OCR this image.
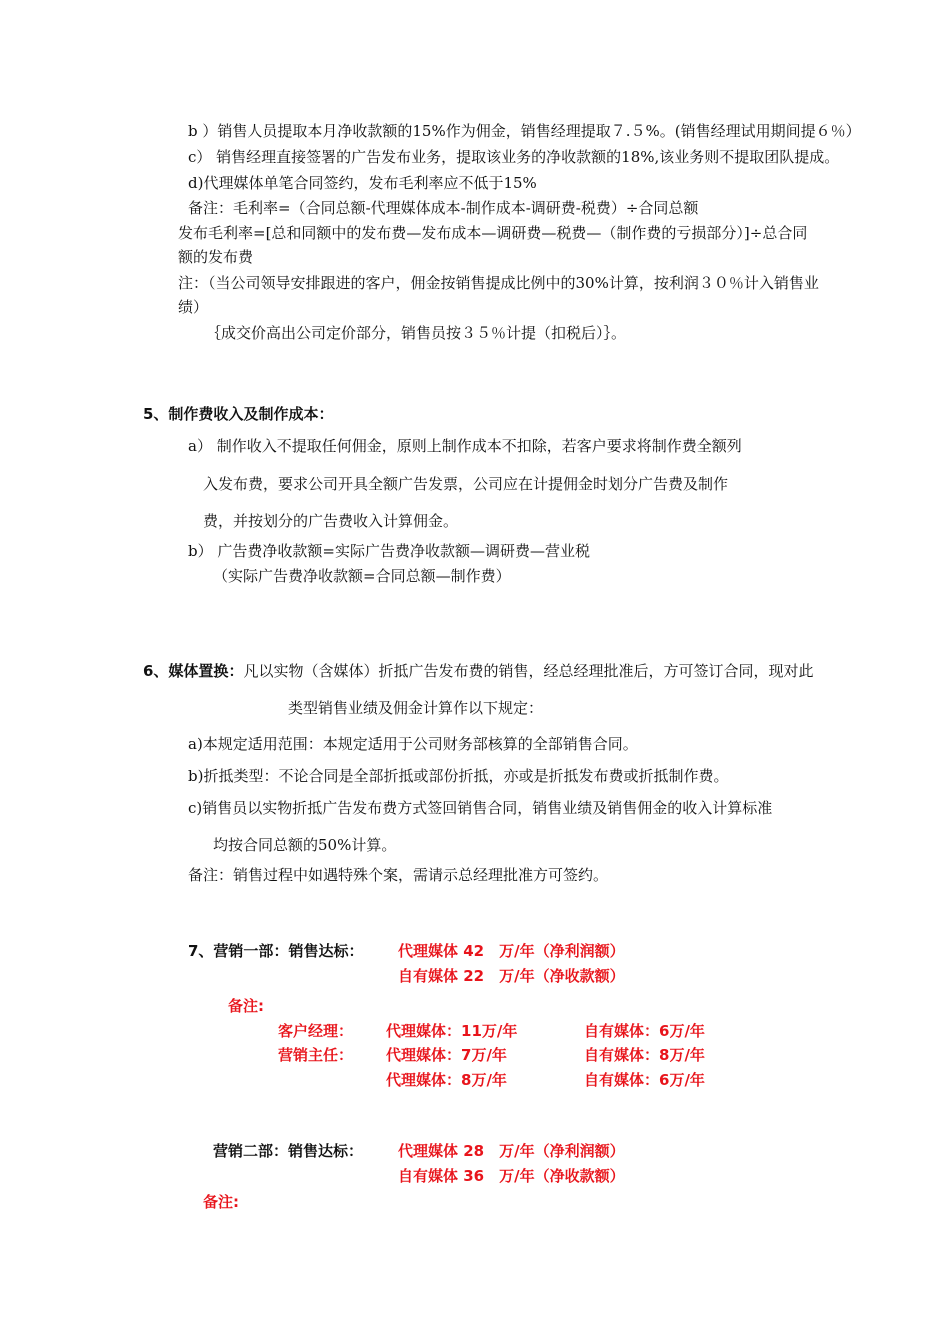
b ）销售人员提取本月净收款额的15%作为佣金，销售经理提取７.５%。(销售经理试用期间提６％）
c） 销售经理直接签署的广告发布业务，提取该业务的净收款额的18%,该业务则不提取团队提成。
d)代理媒体单笔合同签约，发布毛利率应不低于15%
备注：毛利率=（合同总额-代理媒体成本-制作成本-调研费-税费）÷合同总额
发布毛利率=[总和同额中的发布费—发布成本—调研费—税费—（制作费的亏损部分）]÷总合同
额的发布费
注：（当公司领导安排跟进的客户，佣金按销售提成比例中的30%计算，按利润３０％计入销售业
绩）
｛成交价高出公司定价部分，销售员按３５％计提（扣税后）｝。
5、制作费收入及制作成本：
a） 制作收入不提取任何佣金，原则上制作成本不扣除，若客户要求将制作费全额列
入发布费，要求公司开具全额广告发票，公司应在计提佣金时划分广告费及制作
费，并按划分的广告费收入计算佣金。
b） 广告费净收款额=实际广告费净收款额—调研费—营业税
（实际广告费净收款额=合同总额—制作费）
6、媒体置换：凡以实物（含媒体）折抵广告发布费的销售，经总经理批准后，方可签订合同，现对此
类型销售业绩及佣金计算作以下规定：
a)本规定适用范围：本规定适用于公司财务部核算的全部销售合同。
b)折抵类型：不论合同是全部折抵或部份折抵，亦或是折抵发布费或折抵制作费。
c)销售员以实物折抵广告发布费方式签回销售合同，销售业绩及销售佣金的收入计算标准
均按合同总额的50%计算。
备注：销售过程中如遇特殊个案，需请示总经理批准方可签约。
7、营销一部：销售达标： 代理媒体 42　万/年（净利润额）
自有媒体 22　万/年（净收款额）
备注:
客户经理： 代理媒体：11万/年	自有媒体：6万/年
营销主任： 代理媒体：7万/年	自有媒体：8万/年
代理媒体：8万/年	自有媒体：6万/年
营销二部：销售达标： 代理媒体 28　万/年（净利润额）
自有媒体 36　万/年（净收款额）
备注:
